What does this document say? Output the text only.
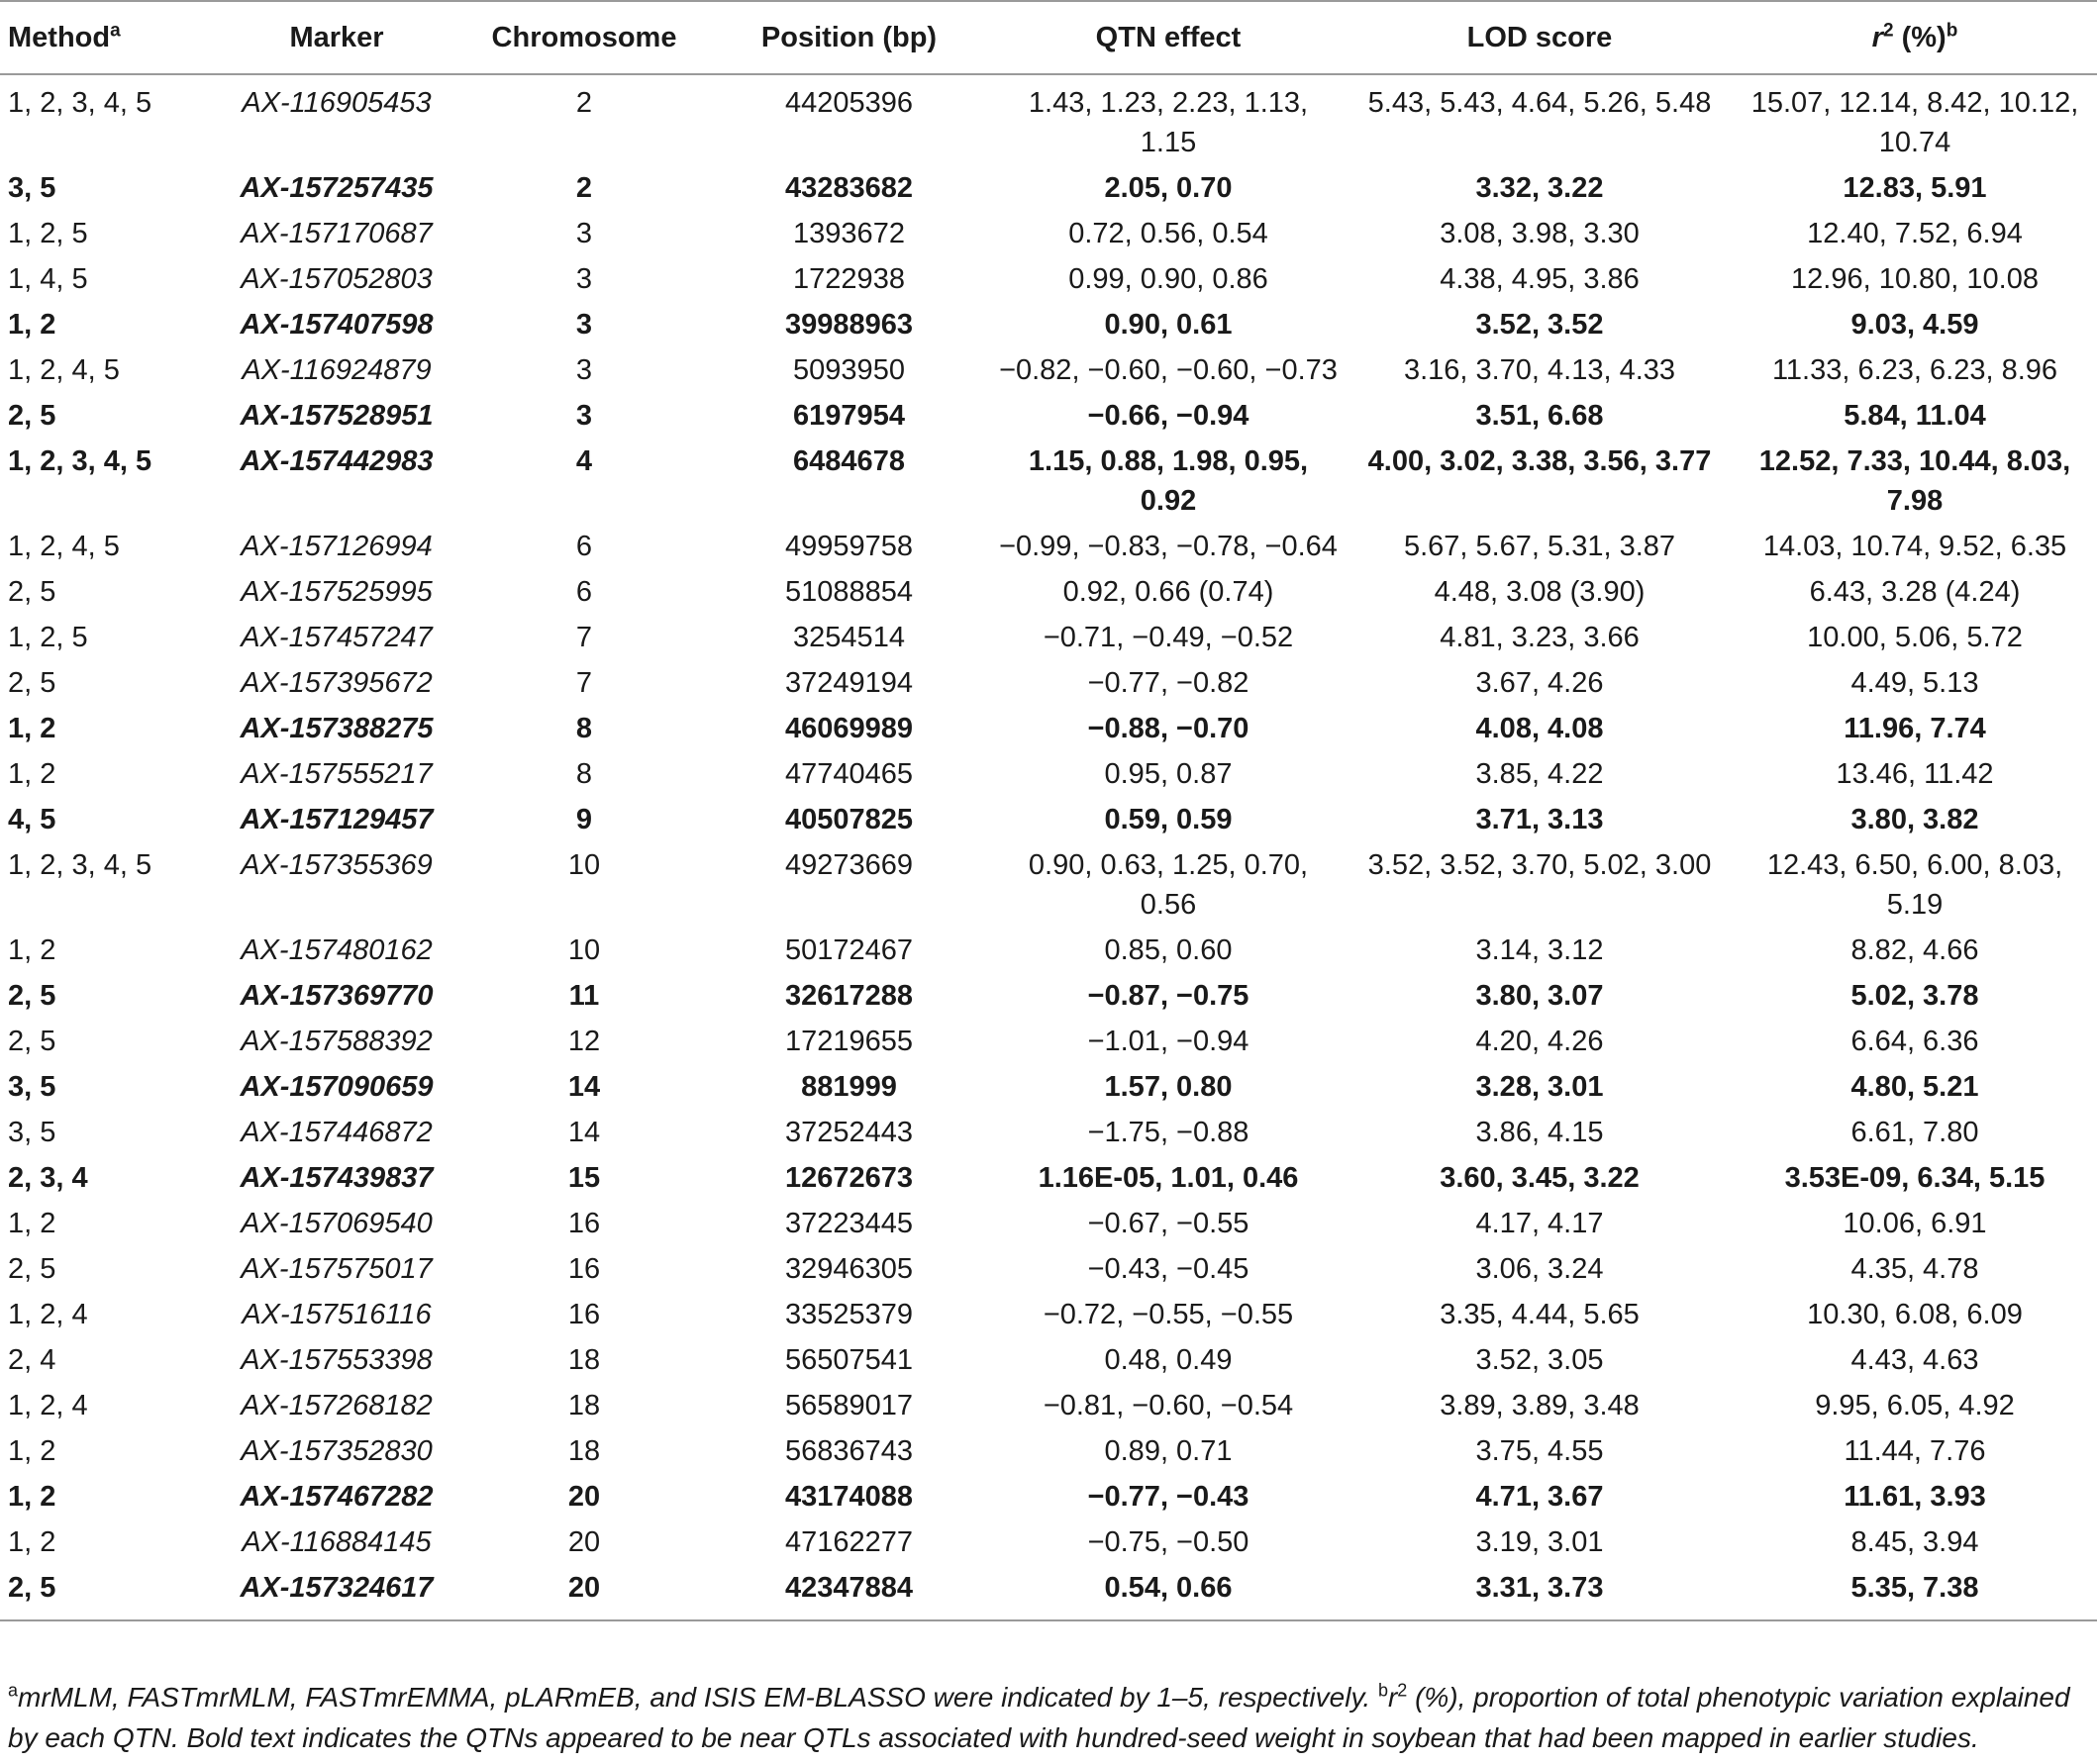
Method$^a$	Marker	Chromosome	Position (bp)	QTN effect	LOD score	$r^2$ (%)$^b$
1, 2, 3, 4, 5	AX-116905453	2	44205396	1.43, 1.23, 2.23, 1.13, 1.15	5.43, 5.43, 4.64, 5.26, 5.48	15.07, 12.14, 8.42, 10.12, 10.74
3, 5	AX-157257435	2	43283682	2.05, 0.70	3.32, 3.22	12.83, 5.91
1, 2, 5	AX-157170687	3	1393672	0.72, 0.56, 0.54	3.08, 3.98, 3.30	12.40, 7.52, 6.94
1, 4, 5	AX-157052803	3	1722938	0.99, 0.90, 0.86	4.38, 4.95, 3.86	12.96, 10.80, 10.08
1, 2	AX-157407598	3	39988963	0.90, 0.61	3.52, 3.52	9.03, 4.59
1, 2, 4, 5	AX-116924879	3	5093950	−0.82, −0.60, −0.60, −0.73	3.16, 3.70, 4.13, 4.33	11.33, 6.23, 6.23, 8.96
2, 5	AX-157528951	3	6197954	−0.66, −0.94	3.51, 6.68	5.84, 11.04
1, 2, 3, 4, 5	AX-157442983	4	6484678	1.15, 0.88, 1.98, 0.95, 0.92	4.00, 3.02, 3.38, 3.56, 3.77	12.52, 7.33, 10.44, 8.03, 7.98
1, 2, 4, 5	AX-157126994	6	49959758	−0.99, −0.83, −0.78, −0.64	5.67, 5.67, 5.31, 3.87	14.03, 10.74, 9.52, 6.35
2, 5	AX-157525995	6	51088854	0.92, 0.66 (0.74)	4.48, 3.08 (3.90)	6.43, 3.28 (4.24)
1, 2, 5	AX-157457247	7	3254514	−0.71, −0.49, −0.52	4.81, 3.23, 3.66	10.00, 5.06, 5.72
2, 5	AX-157395672	7	37249194	−0.77, −0.82	3.67, 4.26	4.49, 5.13
1, 2	AX-157388275	8	46069989	−0.88, −0.70	4.08, 4.08	11.96, 7.74
1, 2	AX-157555217	8	47740465	0.95, 0.87	3.85, 4.22	13.46, 11.42
4, 5	AX-157129457	9	40507825	0.59, 0.59	3.71, 3.13	3.80, 3.82
1, 2, 3, 4, 5	AX-157355369	10	49273669	0.90, 0.63, 1.25, 0.70, 0.56	3.52, 3.52, 3.70, 5.02, 3.00	12.43, 6.50, 6.00, 8.03, 5.19
1, 2	AX-157480162	10	50172467	0.85, 0.60	3.14, 3.12	8.82, 4.66
2, 5	AX-157369770	11	32617288	−0.87, −0.75	3.80, 3.07	5.02, 3.78
2, 5	AX-157588392	12	17219655	−1.01, −0.94	4.20, 4.26	6.64, 6.36
3, 5	AX-157090659	14	881999	1.57, 0.80	3.28, 3.01	4.80, 5.21
3, 5	AX-157446872	14	37252443	−1.75, −0.88	3.86, 4.15	6.61, 7.80
2, 3, 4	AX-157439837	15	12672673	1.16E-05, 1.01, 0.46	3.60, 3.45, 3.22	3.53E-09, 6.34, 5.15
1, 2	AX-157069540	16	37223445	−0.67, −0.55	4.17, 4.17	10.06, 6.91
2, 5	AX-157575017	16	32946305	−0.43, −0.45	3.06, 3.24	4.35, 4.78
1, 2, 4	AX-157516116	16	33525379	−0.72, −0.55, −0.55	3.35, 4.44, 5.65	10.30, 6.08, 6.09
2, 4	AX-157553398	18	56507541	0.48, 0.49	3.52, 3.05	4.43, 4.63
1, 2, 4	AX-157268182	18	56589017	−0.81, −0.60, −0.54	3.89, 3.89, 3.48	9.95, 6.05, 4.92
1, 2	AX-157352830	18	56836743	0.89, 0.71	3.75, 4.55	11.44, 7.76
1, 2	AX-157467282	20	43174088	−0.77, −0.43	4.71, 3.67	11.61, 3.93
1, 2	AX-116884145	20	47162277	−0.75, −0.50	3.19, 3.01	8.45, 3.94
2, 5	AX-157324617	20	42347884	0.54, 0.66	3.31, 3.73	5.35, 7.38
$^a$mrMLM, FASTmrMLM, FASTmrEMMA, pLARmEB, and ISIS EM-BLASSO were indicated by 1–5, respectively. $^br^2$ (%), proportion of total phenotypic variation explained by each QTN. Bold text indicates the QTNs appeared to be near QTLs associated with hundred-seed weight in soybean that had been mapped in earlier studies.
